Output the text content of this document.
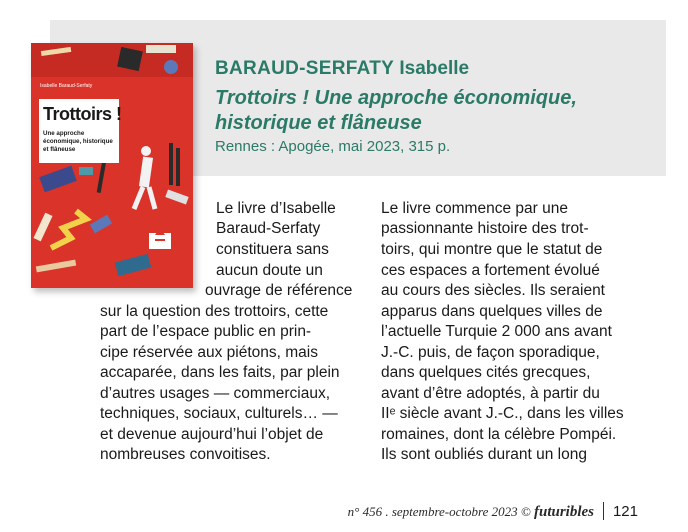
Isabelle Baraud-Serfaty
Trottoirs !
Une approche économique, historique et flâneuse

BARAUD-SERFATY Isabelle

Trottoirs ! Une approche économique, historique et flâneuse

Rennes : Apogée, mai 2023, 315 p.

Le livre d’Isabelle

Baraud-Serfaty

constituera sans

aucun doute un

ouvrage de référence

sur la question des trottoirs, cette

part de l’espace public en prin-

cipe réservée aux piétons, mais

accaparée, dans les faits, par plein

d’autres usages — commerciaux,

techniques, sociaux, culturels… —

et devenue aujourd’hui l’objet de

nombreuses convoitises.

Le livre commence par une

passionnante histoire des trot-

toirs, qui montre que le statut de

ces espaces a fortement évolué

au cours des siècles. Ils seraient

apparus dans quelques villes de

l’actuelle Turquie 2 000 ans avant

J.-C. puis, de façon sporadique,

dans quelques cités grecques,

avant d’être adoptés, à partir du

IIᵉ siècle avant J.-C., dans les villes

romaines, dont la célèbre Pompéi.

Ils sont oubliés durant un long

n° 456 . septembre-octobre 2023 © futuribles 121
